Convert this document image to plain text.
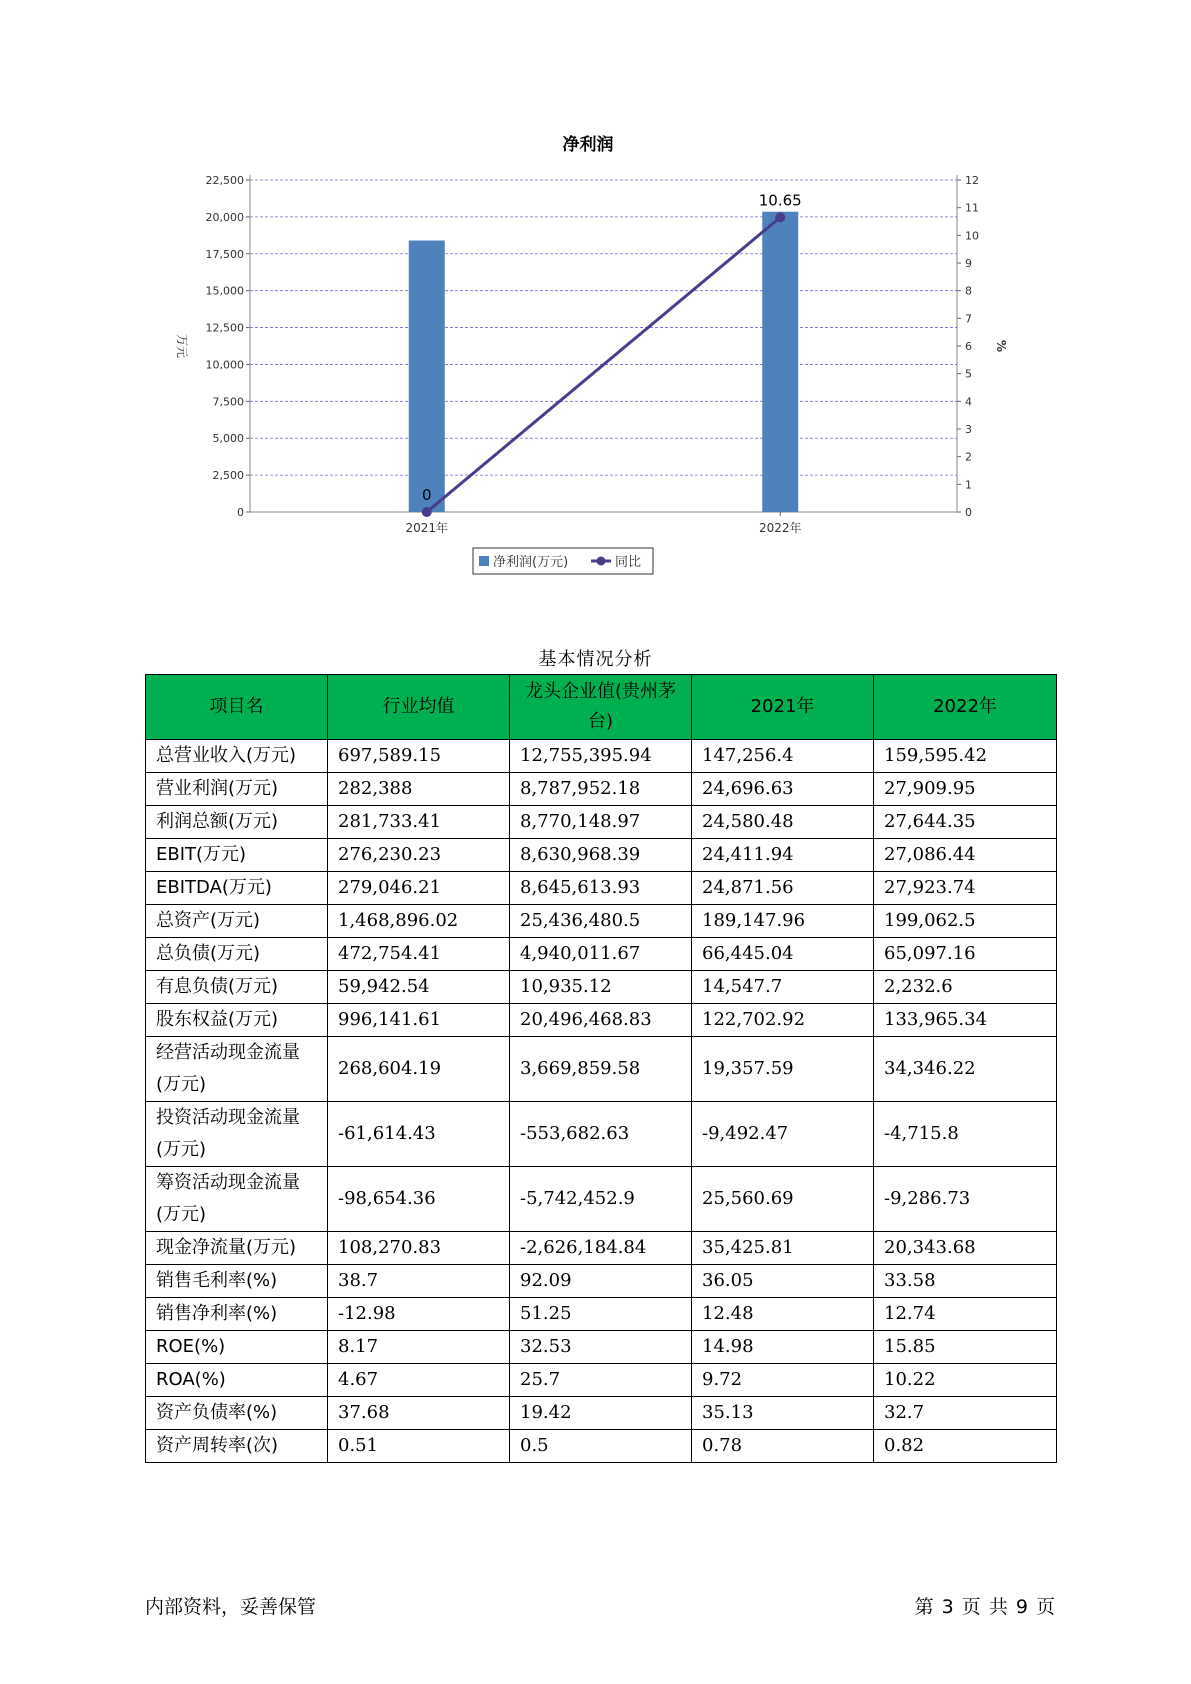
净利润
0
2,500
5,000
7,500
10,000
12,500
15,000
17,500
20,000
22,500
0
1
2
3
4
5
6
7
8
9
10
11
12
万元	%
2021年	2022年
0
10.65
净利润(万元)	同比
基本情况分析
项目名	行业均值	龙头企业值(贵州茅台)	2021年	2022年
总营业收入(万元)	697,589.15	12,755,395.94	147,256.4	159,595.42
营业利润(万元)	282,388	8,787,952.18	24,696.63	27,909.95
利润总额(万元)	281,733.41	8,770,148.97	24,580.48	27,644.35
EBIT(万元)	276,230.23	8,630,968.39	24,411.94	27,086.44
EBITDA(万元)	279,046.21	8,645,613.93	24,871.56	27,923.74
总资产(万元)	1,468,896.02	25,436,480.5	189,147.96	199,062.5
总负债(万元)	472,754.41	4,940,011.67	66,445.04	65,097.16
有息负债(万元)	59,942.54	10,935.12	14,547.7	2,232.6
股东权益(万元)	996,141.61	20,496,468.83	122,702.92	133,965.34
经营活动现金流量(万元)	268,604.19	3,669,859.58	19,357.59	34,346.22
投资活动现金流量(万元)	-61,614.43	-553,682.63	-9,492.47	-4,715.8
筹资活动现金流量(万元)	-98,654.36	-5,742,452.9	25,560.69	-9,286.73
现金净流量(万元)	108,270.83	-2,626,184.84	35,425.81	20,343.68
销售毛利率(%)	38.7	92.09	36.05	33.58
销售净利率(%)	-12.98	51.25	12.48	12.74
ROE(%)	8.17	32.53	14.98	15.85
ROA(%)	4.67	25.7	9.72	10.22
资产负债率(%)	37.68	19.42	35.13	32.7
资产周转率(次)	0.51	0.5	0.78	0.82
内部资料，妥善保管	第 3 页 共 9 页
